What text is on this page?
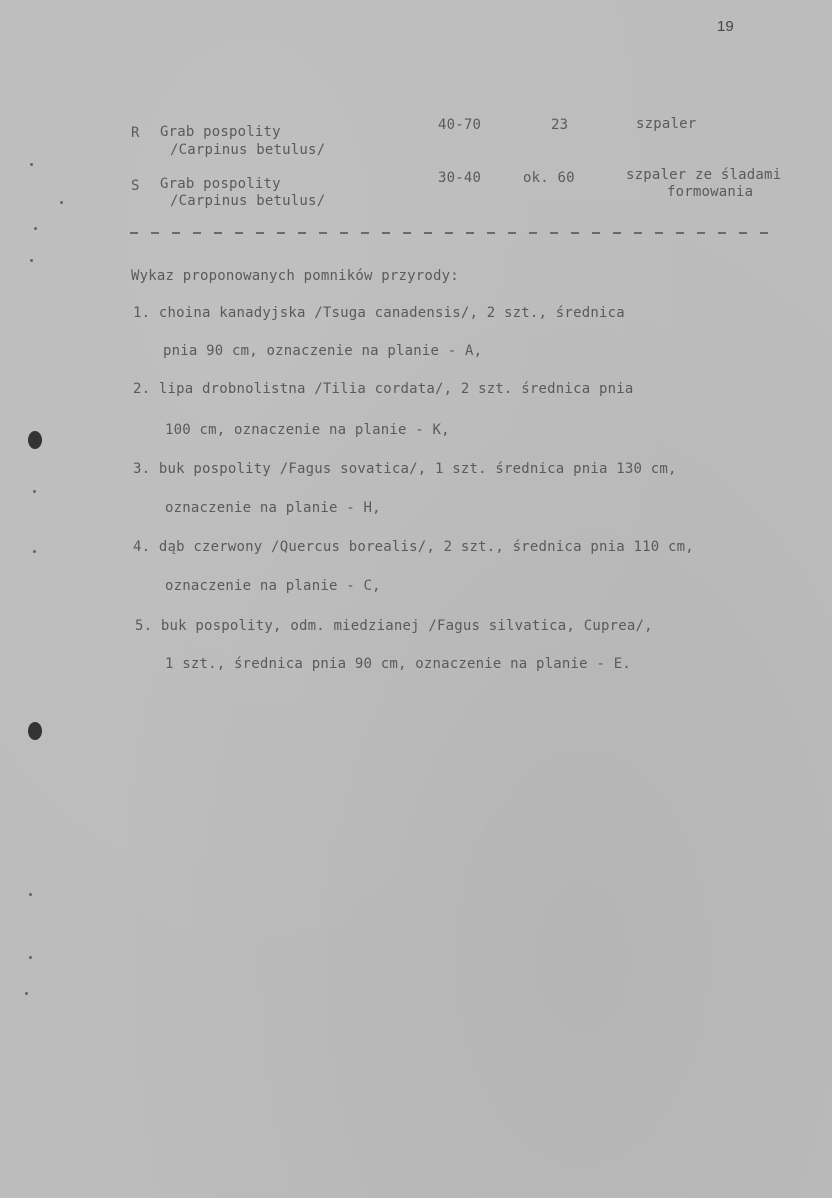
19
R Grab pospolity
/Carpinus betulus/
40-70	23	szpaler
S Grab pospolity
/Carpinus betulus/
30-40	ok. 60	szpaler ze śladami
formowania
Wykaz proponowanych pomników przyrody:
1. choina kanadyjska /Tsuga canadensis/, 2 szt., średnica
pnia 90 cm, oznaczenie na planie - A,
2. lipa drobnolistna /Tilia cordata/, 2 szt. średnica pnia
100 cm, oznaczenie na planie - K,
3. buk pospolity /Fagus sovatica/, 1 szt. średnica pnia 130 cm,
oznaczenie na planie - H,
4. dąb czerwony /Quercus borealis/, 2 szt., średnica pnia 110 cm,
oznaczenie na planie - C,
5. buk pospolity, odm. miedzianej /Fagus silvatica, Cuprea/,
1 szt., średnica pnia 90 cm, oznaczenie na planie - E.
